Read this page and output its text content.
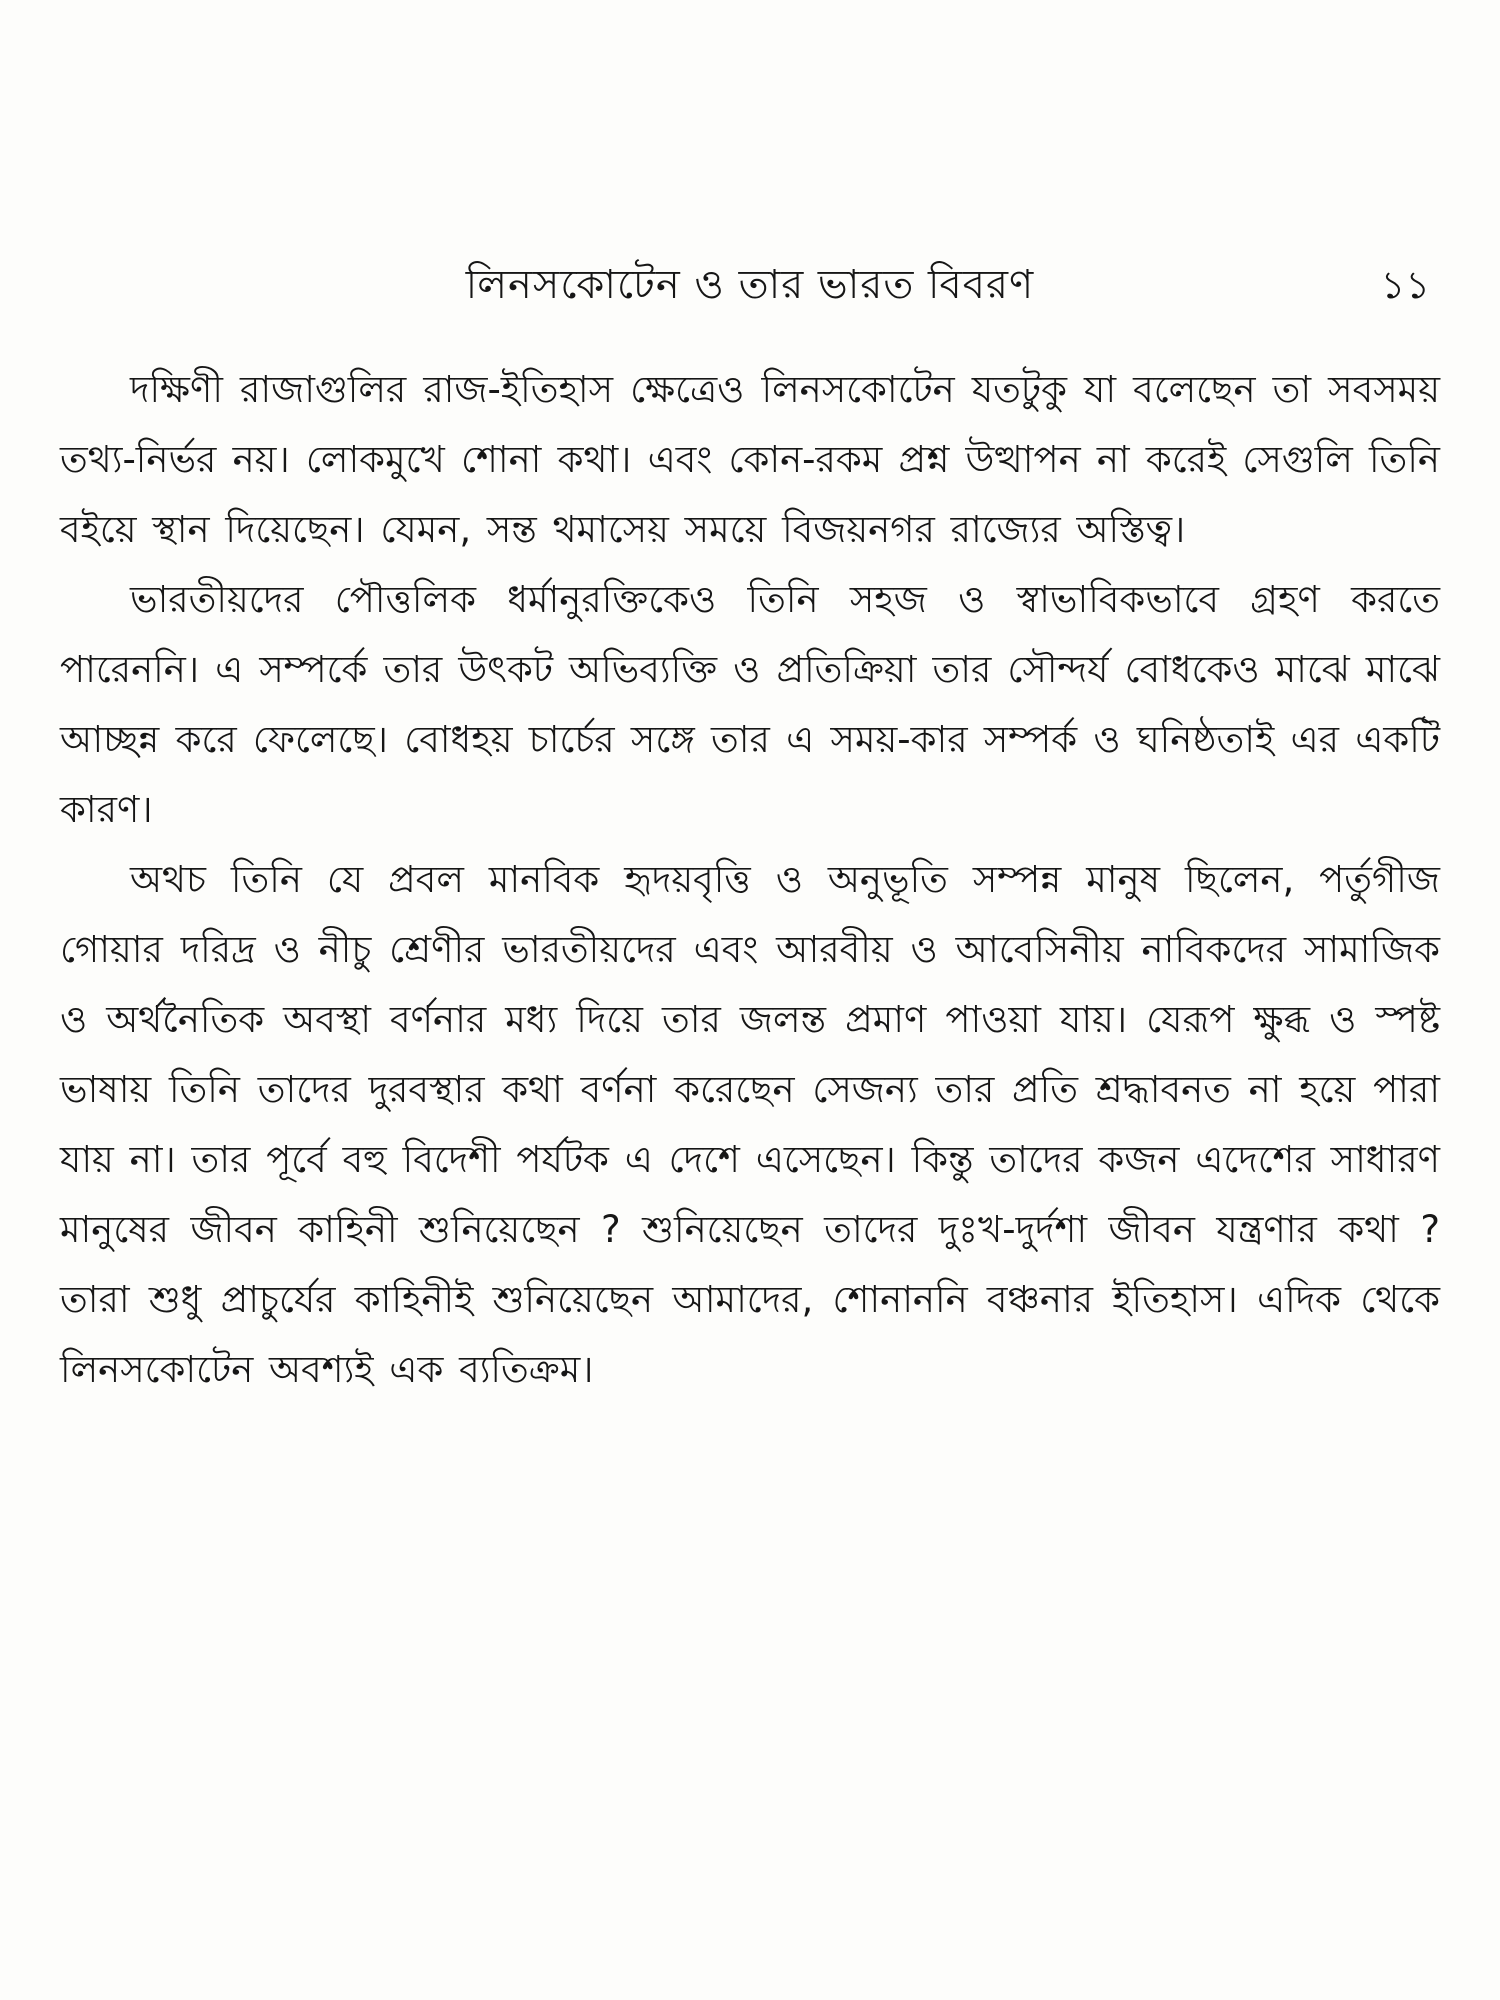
লিনসকোটেন ও তার ভারত বিবরণ	১১

দক্ষিণী রাজাগুলির রাজ-ইতিহাস ক্ষেত্রেও লিনসকোটেন যতটুকু যা বলেছেন তা সবসময় তথ্য-নির্ভর নয়। লোকমুখে শোনা কথা। এবং কোন-রকম প্রশ্ন উত্থাপন না করেই সেগুলি তিনি বইয়ে স্থান দিয়েছেন। যেমন, সন্ত থমাসেয় সময়ে বিজয়নগর রাজ্যের অস্তিত্ব।

ভারতীয়দের পৌত্তলিক ধর্মানুরক্তিকেও তিনি সহজ ও স্বাভাবিকভাবে গ্রহণ করতে পারেননি। এ সম্পর্কে তার উৎকট অভিব্যক্তি ও প্রতিক্রিয়া তার সৌন্দর্য বোধকেও মাঝে মাঝে আচ্ছন্ন করে ফেলেছে। বোধহয় চার্চের সঙ্গে তার এ সময়-কার সম্পর্ক ও ঘনিষ্ঠতাই এর একটি কারণ।

অথচ তিনি যে প্রবল মানবিক হৃদয়বৃত্তি ও অনুভূতি সম্পন্ন মানুষ ছিলেন, পর্তুগীজ গোয়ার দরিদ্র ও নীচু শ্রেণীর ভারতীয়দের এবং আরবীয় ও আবেসিনীয় নাবিকদের সামাজিক ও অর্থনৈতিক অবস্থা বর্ণনার মধ্য দিয়ে তার জলন্ত প্রমাণ পাওয়া যায়। যেরূপ ক্ষুব্ধ ও স্পষ্ট ভাষায় তিনি তাদের দুরবস্থার কথা বর্ণনা করেছেন সেজন্য তার প্রতি শ্রদ্ধাবনত না হয়ে পারা যায় না। তার পূর্বে বহু বিদেশী পর্যটক এ দেশে এসেছেন। কিন্তু তাদের কজন এদেশের সাধারণ মানুষের জীবন কাহিনী শুনিয়েছেন ? শুনিয়েছেন তাদের দুঃখ-দুর্দশা জীবন যন্ত্রণার কথা ? তারা শুধু প্রাচুর্যের কাহিনীই শুনিয়েছেন আমাদের, শোনাননি বঞ্চনার ইতিহাস। এদিক থেকে লিনসকোটেন অবশ্যই এক ব্যতিক্রম।
